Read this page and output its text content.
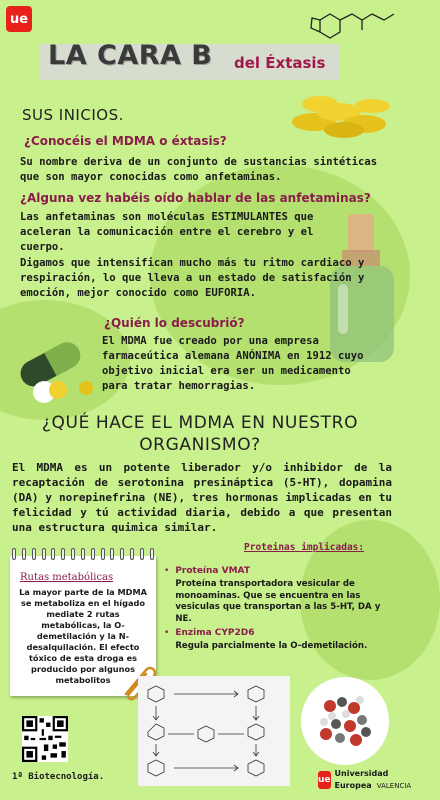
ue
LA CARA B del Éxtasis
SUS INICIOS.
¿Conocéis el MDMA o éxtasis?
Su nombre deriva de un conjunto de sustancias sintéticas que son mayor conocidas como anfetaminas.
¿Alguna vez habéis oído hablar de las anfetaminas?
Las anfetaminas son moléculas ESTIMULANTES que aceleran la comunicación entre el cerebro y el cuerpo.
Digamos que intensifican mucho más tu ritmo cardiaco y respiración, lo que lleva a un estado de satisfación y emoción, mejor conocido como EUFORIA.
¿Quién lo descubrió?
El MDMA fue creado por una empresa farmaceútica alemana ANÓNIMA en 1912 cuyo objetivo inicial era ser un medicamento para tratar hemorragias.
¿QUÉ HACE EL MDMA EN NUESTRO
ORGANISMO?
El MDMA es un potente liberador y/o inhibidor de la recaptación de serotonina presináptica (5-HT), dopamina (DA) y norepinefrina (NE), tres hormonas implicadas en tu felicidad y tú actividad diaria, debido a que presentan una estructura quimica similar.
Rutas metabólicas
La mayor parte de la MDMA se metaboliza en el hígado mediate 2 rutas metabólicas, la O-demetilación y la N-desalquilación. El efecto tóxico de esta droga es producido por algunos metabolitos
Proteinas implicadas:
• Proteína VMAT
Proteína transportadora vesicular de monoaminas. Que se encuentra en las vesiculas que transportan a las 5-HT, DA y NE.
• Enzima CYP2D6
Regula parcialmente la O-demetilación.
1ª Biotecnología.	ue
Universidad
Europea VALENCIA
